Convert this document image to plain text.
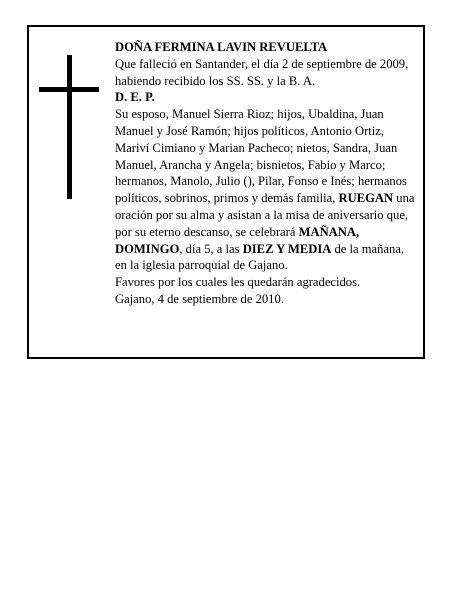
DOÑA FERMINA LAVIN REVUELTA

Que falleció en Santander, el día 2 de septiembre de 2009, habiendo recibido los SS. SS. y la B. A.

D. E. P.

Su esposo, Manuel Sierra Rioz; hijos, Ubaldina, Juan Manuel y José Ramón; hijos políticos, Antonio Ortiz, Mariví Cimiano y Marian Pacheco; nietos, Sandra, Juan Manuel, Arancha y Angela; bisnietos, Fabio y Marco; hermanos, Manolo, Julio (), Pilar, Fonso e Inés; hermanos políticos, sobrinos, primos y demás familia, RUEGAN una oración por su alma y asistan a la misa de aniversario que, por su eterno descanso, se celebrará MAÑANA, DOMINGO, día 5, a las DIEZ Y MEDIA de la mañana, en la iglesia parroquial de Gajano.

Favores por los cuales les quedarán agradecidos.

Gajano, 4 de septiembre de 2010.
